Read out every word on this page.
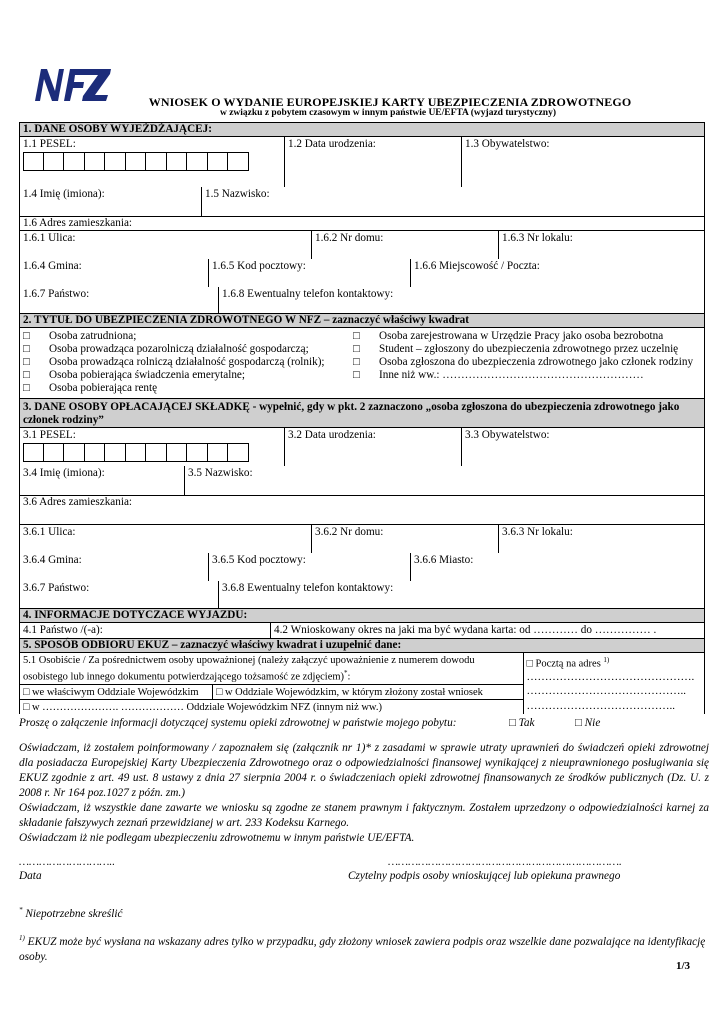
WNIOSEK O WYDANIE EUROPEJSKIEJ KARTY UBEZPIECZENIA ZDROWOTNEGO
w związku z pobytem czasowym w innym państwie UE/EFTA (wyjazd turystyczny)
1. DANE OSOBY WYJEŻDŻAJĄCEJ:

1.1 PESEL:	1.2 Data urodzenia:	1.3 Obywatelstwo:

1.4 Imię (imiona):	1.5 Nazwisko:

1.6 Adres zamieszkania:

1.6.1 Ulica:	1.6.2 Nr domu:	1.6.3 Nr lokalu:

1.6.4 Gmina:	1.6.5 Kod pocztowy:	1.6.6 Miejscowość / Poczta:

1.6.7 Państwo:	1.6.8 Ewentualny telefon kontaktowy:

2. TYTUŁ DO UBEZPIECZENIA ZDROWOTNEGO W NFZ – zaznaczyć właściwy kwadrat

□	Osoba zatrudniona;
□	Osoba prowadząca pozarolniczą działalność gospodarczą;
□	Osoba prowadząca rolniczą działalność gospodarczą (rolnik);
□	Osoba pobierająca świadczenia emerytalne;
□	Osoba pobierająca rentę
□	Osoba zarejestrowana w Urzędzie Pracy jako osoba bezrobotna
□	Student – zgłoszony do ubezpieczenia zdrowotnego przez uczelnię
□	Osoba zgłoszona do ubezpieczenia zdrowotnego jako członek rodziny
□	Inne niż ww.: ………………………………………………

3. DANE OSOBY OPŁACAJĄCEJ SKŁADKĘ - wypełnić, gdy w pkt. 2 zaznaczono „osoba zgłoszona do ubezpieczenia zdrowotnego jako członek rodziny”

3.1 PESEL:	3.2 Data urodzenia:	3.3 Obywatelstwo:

3.4 Imię (imiona):	3.5 Nazwisko:

3.6 Adres zamieszkania:

3.6.1 Ulica:	3.6.2 Nr domu:	3.6.3 Nr lokalu:

3.6.4 Gmina:	3.6.5 Kod pocztowy:	3.6.6 Miasto:

3.6.7 Państwo:	3.6.8 Ewentualny telefon kontaktowy:

4. INFORMACJE DOTYCZACE WYJAZDU:

4.1 Państwo /(-a):	4.2 Wnioskowany okres na jaki ma być wydana karta: od ………… do …………… .

5. SPOSÓB ODBIORU EKUZ – zaznaczyć właściwy kwadrat i uzupełnić dane:

5.1 Osobiście / Za pośrednictwem osoby upoważnionej (należy załączyć upoważnienie z numerem dowodu osobistego lub innego dokumentu potwierdzającego tożsamość ze zdjęciem)*:	□ Pocztą na adres $^{1)}$
……………………………………….

□ we właściwym Oddziale Wojewódzkim	□ w Oddziale Wojewódzkim, w którym złożony został wniosek	……………………………………..
□ w …………………. ……………… Oddziale Wojewódzkim NFZ (innym niż ww.)	…………………………………..
Proszę o załączenie informacji dotyczącej systemu opieki zdrowotnej w państwie mojego pobytu:	□ Tak	□ Nie
Oświadczam, iż zostałem poinformowany / zapoznałem się (załącznik nr 1)* z zasadami w sprawie utraty uprawnień do świadczeń opieki zdrowotnej dla posiadacza Europejskiej Karty Ubezpieczenia Zdrowotnego oraz o odpowiedzialności finansowej wynikającej z nieuprawnionego posługiwania się EKUZ zgodnie z art. 49 ust. 8 ustawy z dnia 27 sierpnia 2004 r. o świadczeniach opieki zdrowotnej finansowanych ze środków publicznych (Dz. U. z 2008 r. Nr 164 poz.1027 z późn. zm.)
Oświadczam, iż wszystkie dane zawarte we wniosku są zgodne ze stanem prawnym i faktycznym. Zostałem uprzedzony o odpowiedzialności karnej za składanie fałszywych zeznań przewidzianej w art. 233 Kodeksu Karnego.
Oświadczam iż nie podlegam ubezpieczeniu zdrowotnemu w innym państwie UE/EFTA.
………………………..
Data
…………………………………………………………….
Czytelny podpis osoby wnioskującej lub opiekuna prawnego
* Niepotrzebne skreślić
$^{1)}$ EKUZ może być wysłana na wskazany adres tylko w przypadku, gdy złożony wniosek zawiera podpis oraz wszelkie dane pozwalające na identyfikację osoby.
1/3
